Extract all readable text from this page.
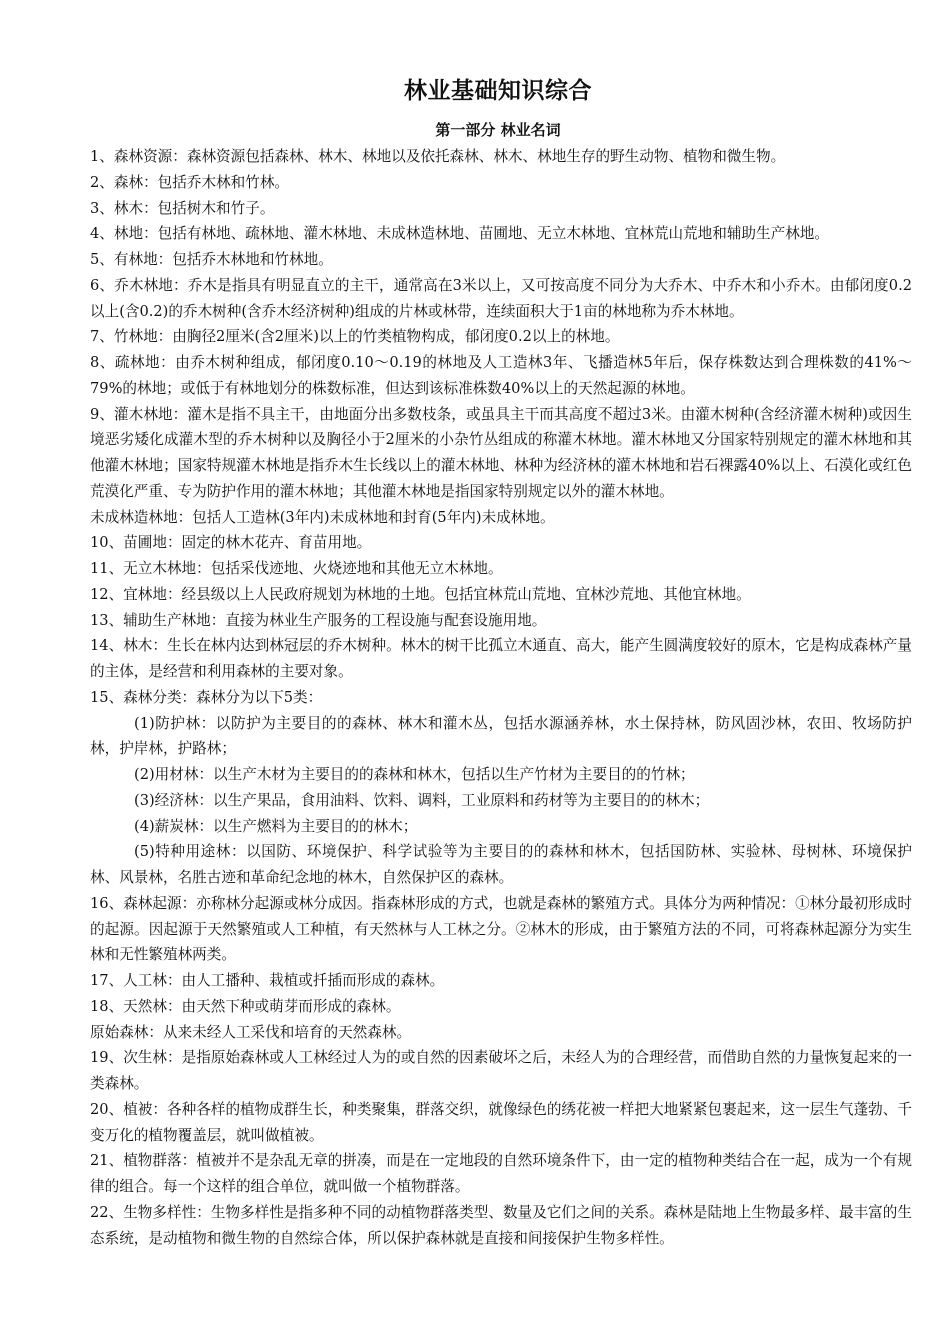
林业基础知识综合
第一部分 林业名词

1、森林资源：森林资源包括森林、林木、林地以及依托森林、林木、林地生存的野生动物、植物和微生物。

2、森林：包括乔木林和竹林。

3、林木：包括树木和竹子。

4、林地：包括有林地、疏林地、灌木林地、未成林造林地、苗圃地、无立木林地、宜林荒山荒地和辅助生产林地。

5、有林地：包括乔木林地和竹林地。

6、乔木林地：乔木是指具有明显直立的主干，通常高在3米以上，又可按高度不同分为大乔木、中乔木和小乔木。由郁闭度0.2以上(含0.2)的乔木树种(含乔木经济树种)组成的片林或林带，连续面积大于1亩的林地称为乔木林地。

7、竹林地：由胸径2厘米(含2厘米)以上的竹类植物构成，郁闭度0.2以上的林地。

8、疏林地：由乔木树种组成，郁闭度0.10～0.19的林地及人工造林3年、飞播造林5年后，保存株数达到合理株数的41%～79%的林地；或低于有林地划分的株数标准，但达到该标准株数40%以上的天然起源的林地。

9、灌木林地：灌木是指不具主干，由地面分出多数枝条，或虽具主干而其高度不超过3米。由灌木树种(含经济灌木树种)或因生境恶劣矮化成灌木型的乔木树种以及胸径小于2厘米的小杂竹丛组成的称灌木林地。灌木林地又分国家特别规定的灌木林地和其他灌木林地；国家特规灌木林地是指乔木生长线以上的灌木林地、林种为经济林的灌木林地和岩石裸露40%以上、石漠化或红色荒漠化严重、专为防护作用的灌木林地；其他灌木林地是指国家特别规定以外的灌木林地。

未成林造林地：包括人工造林(3年内)未成林地和封育(5年内)未成林地。

10、苗圃地：固定的林木花卉、育苗用地。

11、无立木林地：包括采伐迹地、火烧迹地和其他无立木林地。

12、宜林地：经县级以上人民政府规划为林地的土地。包括宜林荒山荒地、宜林沙荒地、其他宜林地。

13、辅助生产林地：直接为林业生产服务的工程设施与配套设施用地。

14、林木：生长在林内达到林冠层的乔木树种。林木的树干比孤立木通直、高大，能产生圆满度较好的原木，它是构成森林产量的主体，是经营和利用森林的主要对象。

15、森林分类：森林分为以下5类：

(1)防护林：以防护为主要目的的森林、林木和灌木丛，包括水源涵养林，水土保持林，防风固沙林，农田、牧场防护林，护岸林，护路林；

(2)用材林：以生产木材为主要目的的森林和林木，包括以生产竹材为主要目的的竹林；

(3)经济林：以生产果品，食用油料、饮料、调料，工业原料和药材等为主要目的的林木；

(4)薪炭林：以生产燃料为主要目的的林木；

(5)特种用途林：以国防、环境保护、科学试验等为主要目的的森林和林木，包括国防林、实验林、母树林、环境保护林、风景林，名胜古迹和革命纪念地的林木，自然保护区的森林。

16、森林起源：亦称林分起源或林分成因。指森林形成的方式，也就是森林的繁殖方式。具体分为两种情况：①林分最初形成时的起源。因起源于天然繁殖或人工种植，有天然林与人工林之分。②林木的形成，由于繁殖方法的不同，可将森林起源分为实生林和无性繁殖林两类。

17、人工林：由人工播种、栽植或扦插而形成的森林。

18、天然林：由天然下种或萌芽而形成的森林。

原始森林：从来未经人工采伐和培育的天然森林。

19、次生林：是指原始森林或人工林经过人为的或自然的因素破坏之后，未经人为的合理经营，而借助自然的力量恢复起来的一类森林。

20、植被：各种各样的植物成群生长，种类聚集，群落交织，就像绿色的绣花被一样把大地紧紧包裹起来，这一层生气蓬勃、千变万化的植物覆盖层，就叫做植被。

21、植物群落：植被并不是杂乱无章的拼凑，而是在一定地段的自然环境条件下，由一定的植物种类结合在一起，成为一个有规律的组合。每一个这样的组合单位，就叫做一个植物群落。

22、生物多样性：生物多样性是指多种不同的动植物群落类型、数量及它们之间的关系。森林是陆地上生物最多样、最丰富的生态系统，是动植物和微生物的自然综合体，所以保护森林就是直接和间接保护生物多样性。
